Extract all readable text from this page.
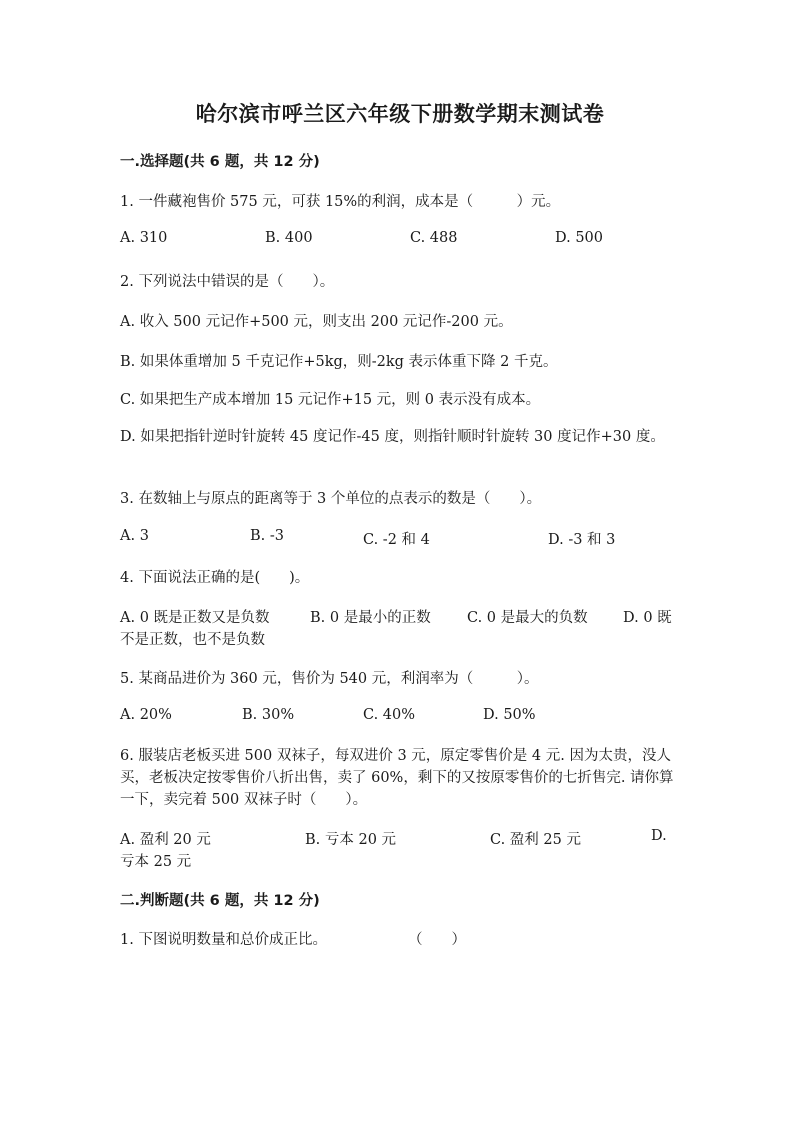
哈尔滨市呼兰区六年级下册数学期末测试卷
一.选择题(共 6 题，共 12 分)
1. 一件藏袍售价 575 元，可获 15%的利润，成本是（　　　）元。
A. 310	B. 400	C. 488	D. 500
2. 下列说法中错误的是（　　）。
A. 收入 500 元记作+500 元，则支出 200 元记作-200 元。
B. 如果体重增加 5 千克记作+5kg，则-2kg 表示体重下降 2 千克。
C. 如果把生产成本增加 15 元记作+15 元，则 0 表示没有成本。
D. 如果把指针逆时针旋转 45 度记作-45 度，则指针顺时针旋转 30 度记作+30 度。
3. 在数轴上与原点的距离等于 3 个单位的点表示的数是（　　）。
A. 3	B. -3	C. -2 和 4	D. -3 和 3
4. 下面说法正确的是(　　)。
A. 0 既是正数又是负数	B. 0 是最小的正数	C. 0 是最大的负数 D. 0 既
不是正数，也不是负数
5. 某商品进价为 360 元，售价为 540 元，利润率为（　　　）。
A. 20%	B. 30%	C. 40%	D. 50%
6. 服装店老板买进 500 双袜子，每双进价 3 元，原定零售价是 4 元. 因为太贵，没人买，老板决定按零售价八折出售，卖了 60%，剩下的又按原零售价的七折售完. 请你算一下，卖完着 500 双袜子时（　　）。
A. 盈利 20 元	B. 亏本 20 元	C. 盈利 25 元	D.
亏本 25 元
二.判断题(共 6 题，共 12 分)
1. 下图说明数量和总价成正比。	（　　）
